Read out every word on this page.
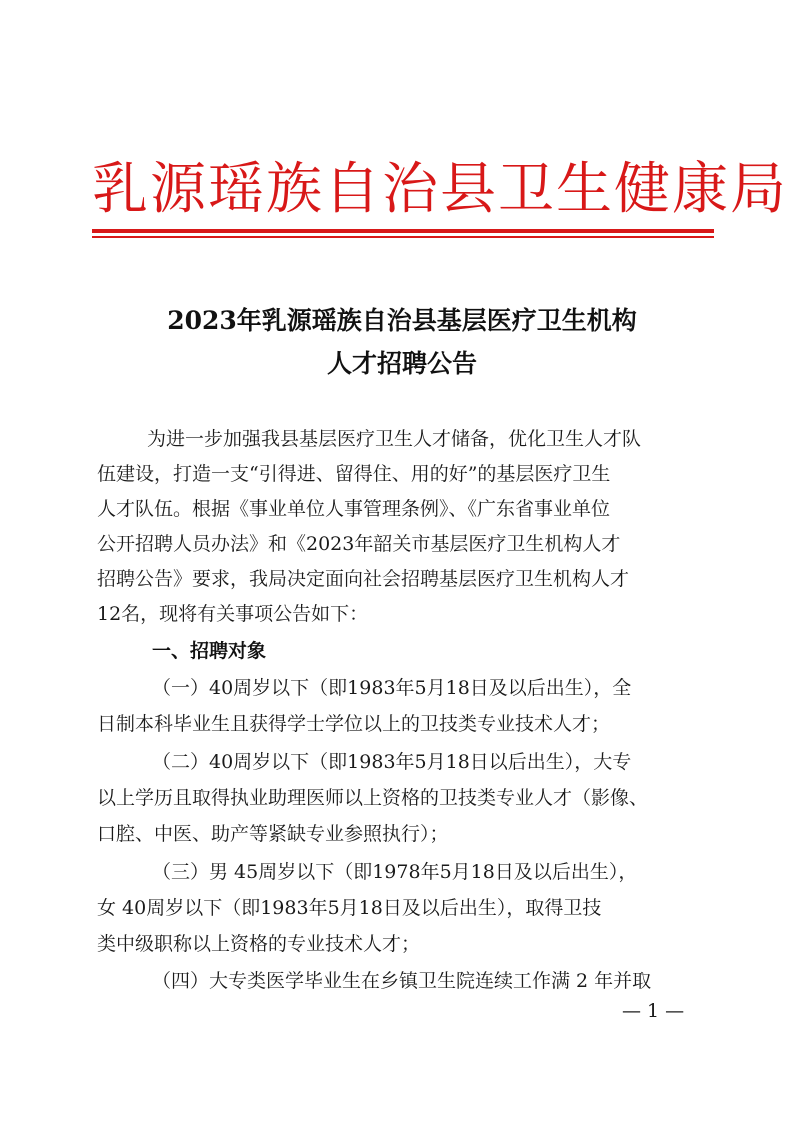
乳源瑶族自治县卫生健康局
2023年乳源瑶族自治县基层医疗卫生机构
人才招聘公告
为进一步加强我县基层医疗卫生人才储备，优化卫生人才队
伍建设，打造一支“引得进、留得住、用的好”的基层医疗卫生
人才队伍。根据《事业单位人事管理条例》、《广东省事业单位
公开招聘人员办法》和《2023年韶关市基层医疗卫生机构人才
招聘公告》要求，我局决定面向社会招聘基层医疗卫生机构人才
12名，现将有关事项公告如下：
一、招聘对象
（一）40周岁以下（即1983年5月18日及以后出生），全
日制本科毕业生且获得学士学位以上的卫技类专业技术人才；
（二）40周岁以下（即1983年5月18日以后出生），大专
以上学历且取得执业助理医师以上资格的卫技类专业人才（影像、
口腔、中医、助产等紧缺专业参照执行）；
（三）男 45周岁以下（即1978年5月18日及以后出生），
女 40周岁以下（即1983年5月18日及以后出生），取得卫技
类中级职称以上资格的专业技术人才；
（四）大专类医学毕业生在乡镇卫生院连续工作满 2 年并取
— 1 —
